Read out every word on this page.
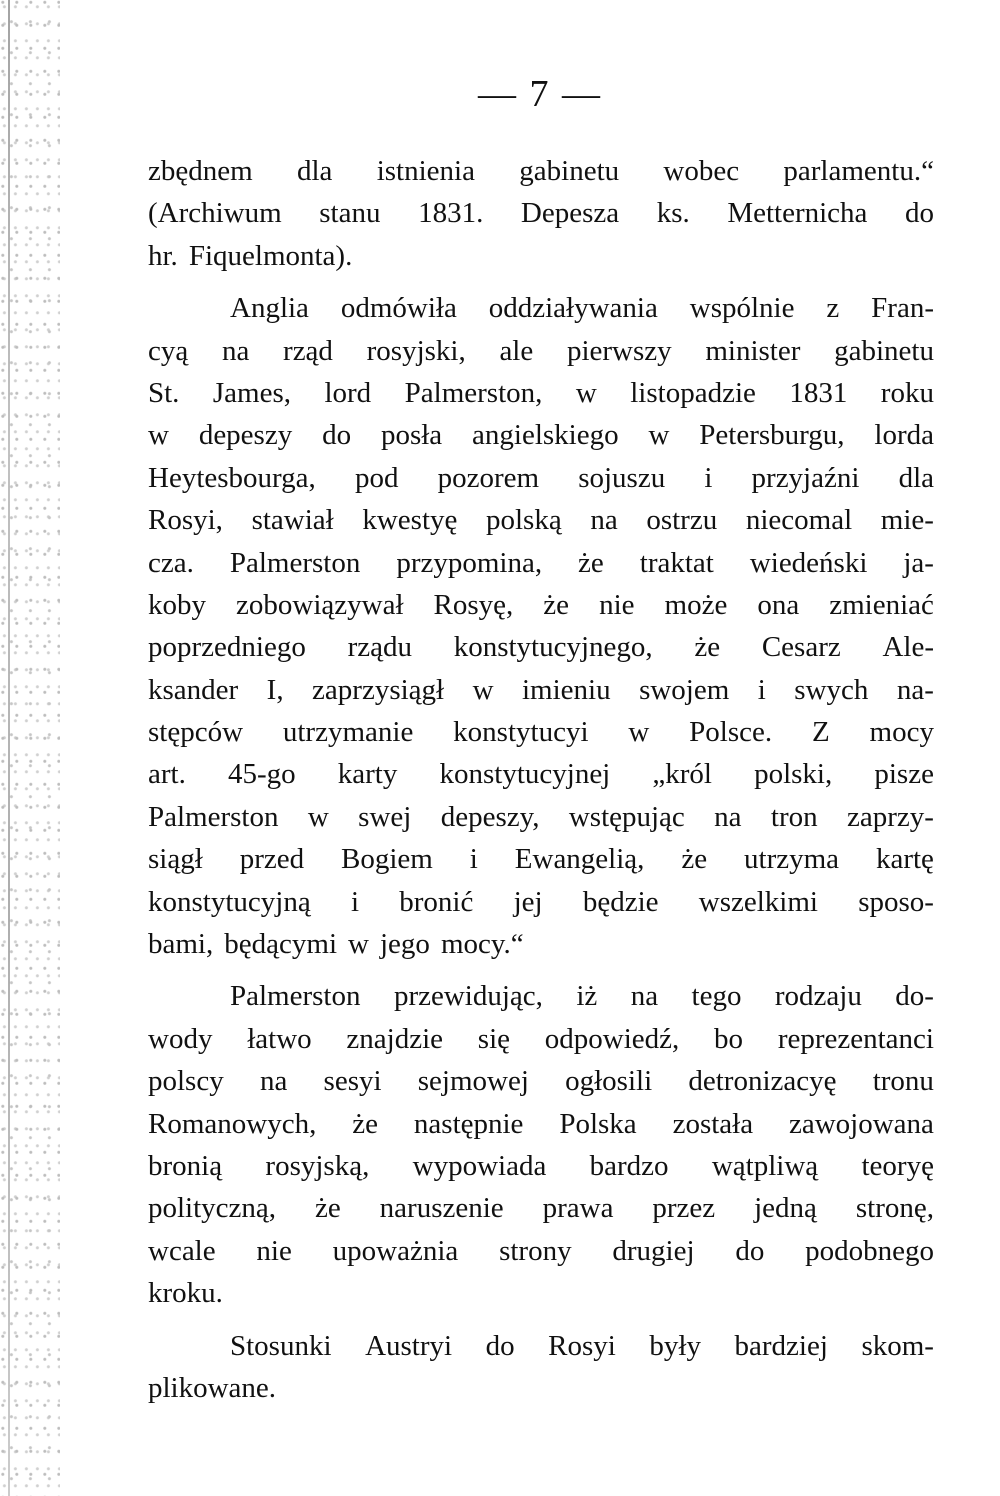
— 7 —
zbędnem dla istnienia gabinetu wobec parlamentu.“
(Archiwum stanu 1831. Depesza ks. Metternicha do
hr. Fiquelmonta).
Anglia odmówiła oddziaływania wspólnie z Fran-
cyą na rząd rosyjski, ale pierwszy minister gabinetu
St. James, lord Palmerston, w listopadzie 1831 roku
w depeszy do posła angielskiego w Petersburgu, lorda
Heytesbourga, pod pozorem sojuszu i przyjaźni dla
Rosyi, stawiał kwestyę polską na ostrzu niecomal mie-
cza. Palmerston przypomina, że traktat wiedeński ja-
koby zobowiązywał Rosyę, że nie może ona zmieniać
poprzedniego rządu konstytucyjnego, że Cesarz Ale-
ksander I, zaprzysiągł w imieniu swojem i swych na-
stępców utrzymanie konstytucyi w Polsce. Z mocy
art. 45-go karty konstytucyjnej „król polski, pisze
Palmerston w swej depeszy, wstępując na tron zaprzy-
siągł przed Bogiem i Ewangelią, że utrzyma kartę
konstytucyjną i bronić jej będzie wszelkimi sposo-
bami, będącymi w jego mocy.“
Palmerston przewidując, iż na tego rodzaju do-
wody łatwo znajdzie się odpowiedź, bo reprezentanci
polscy na sesyi sejmowej ogłosili detronizacyę tronu
Romanowych, że następnie Polska została zawojowana
bronią rosyjską, wypowiada bardzo wątpliwą teoryę
polityczną, że naruszenie prawa przez jedną stronę,
wcale nie upoważnia strony drugiej do podobnego
kroku.
Stosunki Austryi do Rosyi były bardziej skom-
plikowane.
